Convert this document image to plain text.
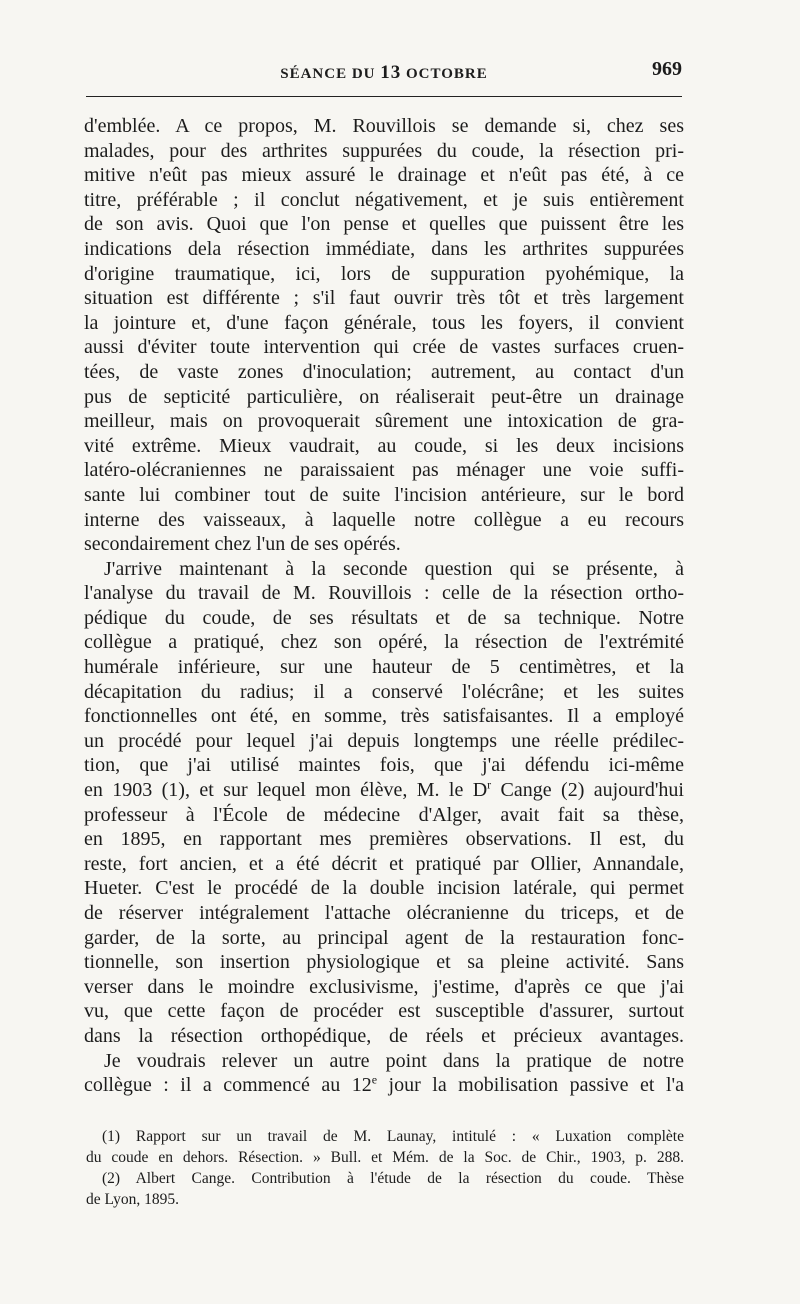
SÉANCE DU 13 OCTOBRE	969
d'emblée. A ce propos, M. Rouvillois se demande si, chez ses
malades, pour des arthrites suppurées du coude, la résection pri-
mitive n'eût pas mieux assuré le drainage et n'eût pas été, à ce
titre, préférable ; il conclut négativement, et je suis entièrement
de son avis. Quoi que l'on pense et quelles que puissent être les
indications dela résection immédiate, dans les arthrites suppurées
d'origine traumatique, ici, lors de suppuration pyohémique, la
situation est différente ; s'il faut ouvrir très tôt et très largement
la jointure et, d'une façon générale, tous les foyers, il convient
aussi d'éviter toute intervention qui crée de vastes surfaces cruen-
tées, de vaste zones d'inoculation; autrement, au contact d'un
pus de septicité particulière, on réaliserait peut-être un drainage
meilleur, mais on provoquerait sûrement une intoxication de gra-
vité extrême. Mieux vaudrait, au coude, si les deux incisions
latéro-olécraniennes ne paraissaient pas ménager une voie suffi-
sante lui combiner tout de suite l'incision antérieure, sur le bord
interne des vaisseaux, à laquelle notre collègue a eu recours
secondairement chez l'un de ses opérés.
J'arrive maintenant à la seconde question qui se présente, à
l'analyse du travail de M. Rouvillois : celle de la résection ortho-
pédique du coude, de ses résultats et de sa technique. Notre
collègue a pratiqué, chez son opéré, la résection de l'extrémité
humérale inférieure, sur une hauteur de 5 centimètres, et la
décapitation du radius; il a conservé l'olécrâne; et les suites
fonctionnelles ont été, en somme, très satisfaisantes. Il a employé
un procédé pour lequel j'ai depuis longtemps une réelle prédilec-
tion, que j'ai utilisé maintes fois, que j'ai défendu ici-même
en 1903 (1), et sur lequel mon élève, M. le $D^r$ Cange (2) aujourd'hui
professeur à l'École de médecine d'Alger, avait fait sa thèse,
en 1895, en rapportant mes premières observations. Il est, du
reste, fort ancien, et a été décrit et pratiqué par Ollier, Annandale,
Hueter. C'est le procédé de la double incision latérale, qui permet
de réserver intégralement l'attache olécranienne du triceps, et de
garder, de la sorte, au principal agent de la restauration fonc-
tionnelle, son insertion physiologique et sa pleine activité. Sans
verser dans le moindre exclusivisme, j'estime, d'après ce que j'ai
vu, que cette façon de procéder est susceptible d'assurer, surtout
dans la résection orthopédique, de réels et précieux avantages.
Je voudrais relever un autre point dans la pratique de notre
collègue : il a commencé au 12e jour la mobilisation passive et l'a
(1) Rapport sur un travail de M. Launay, intitulé : « Luxation complète
du coude en dehors. Résection. » Bull. et Mém. de la Soc. de Chir., 1903, p. 288.
(2) Albert Cange. Contribution à l'étude de la résection du coude. Thèse
de Lyon, 1895.
